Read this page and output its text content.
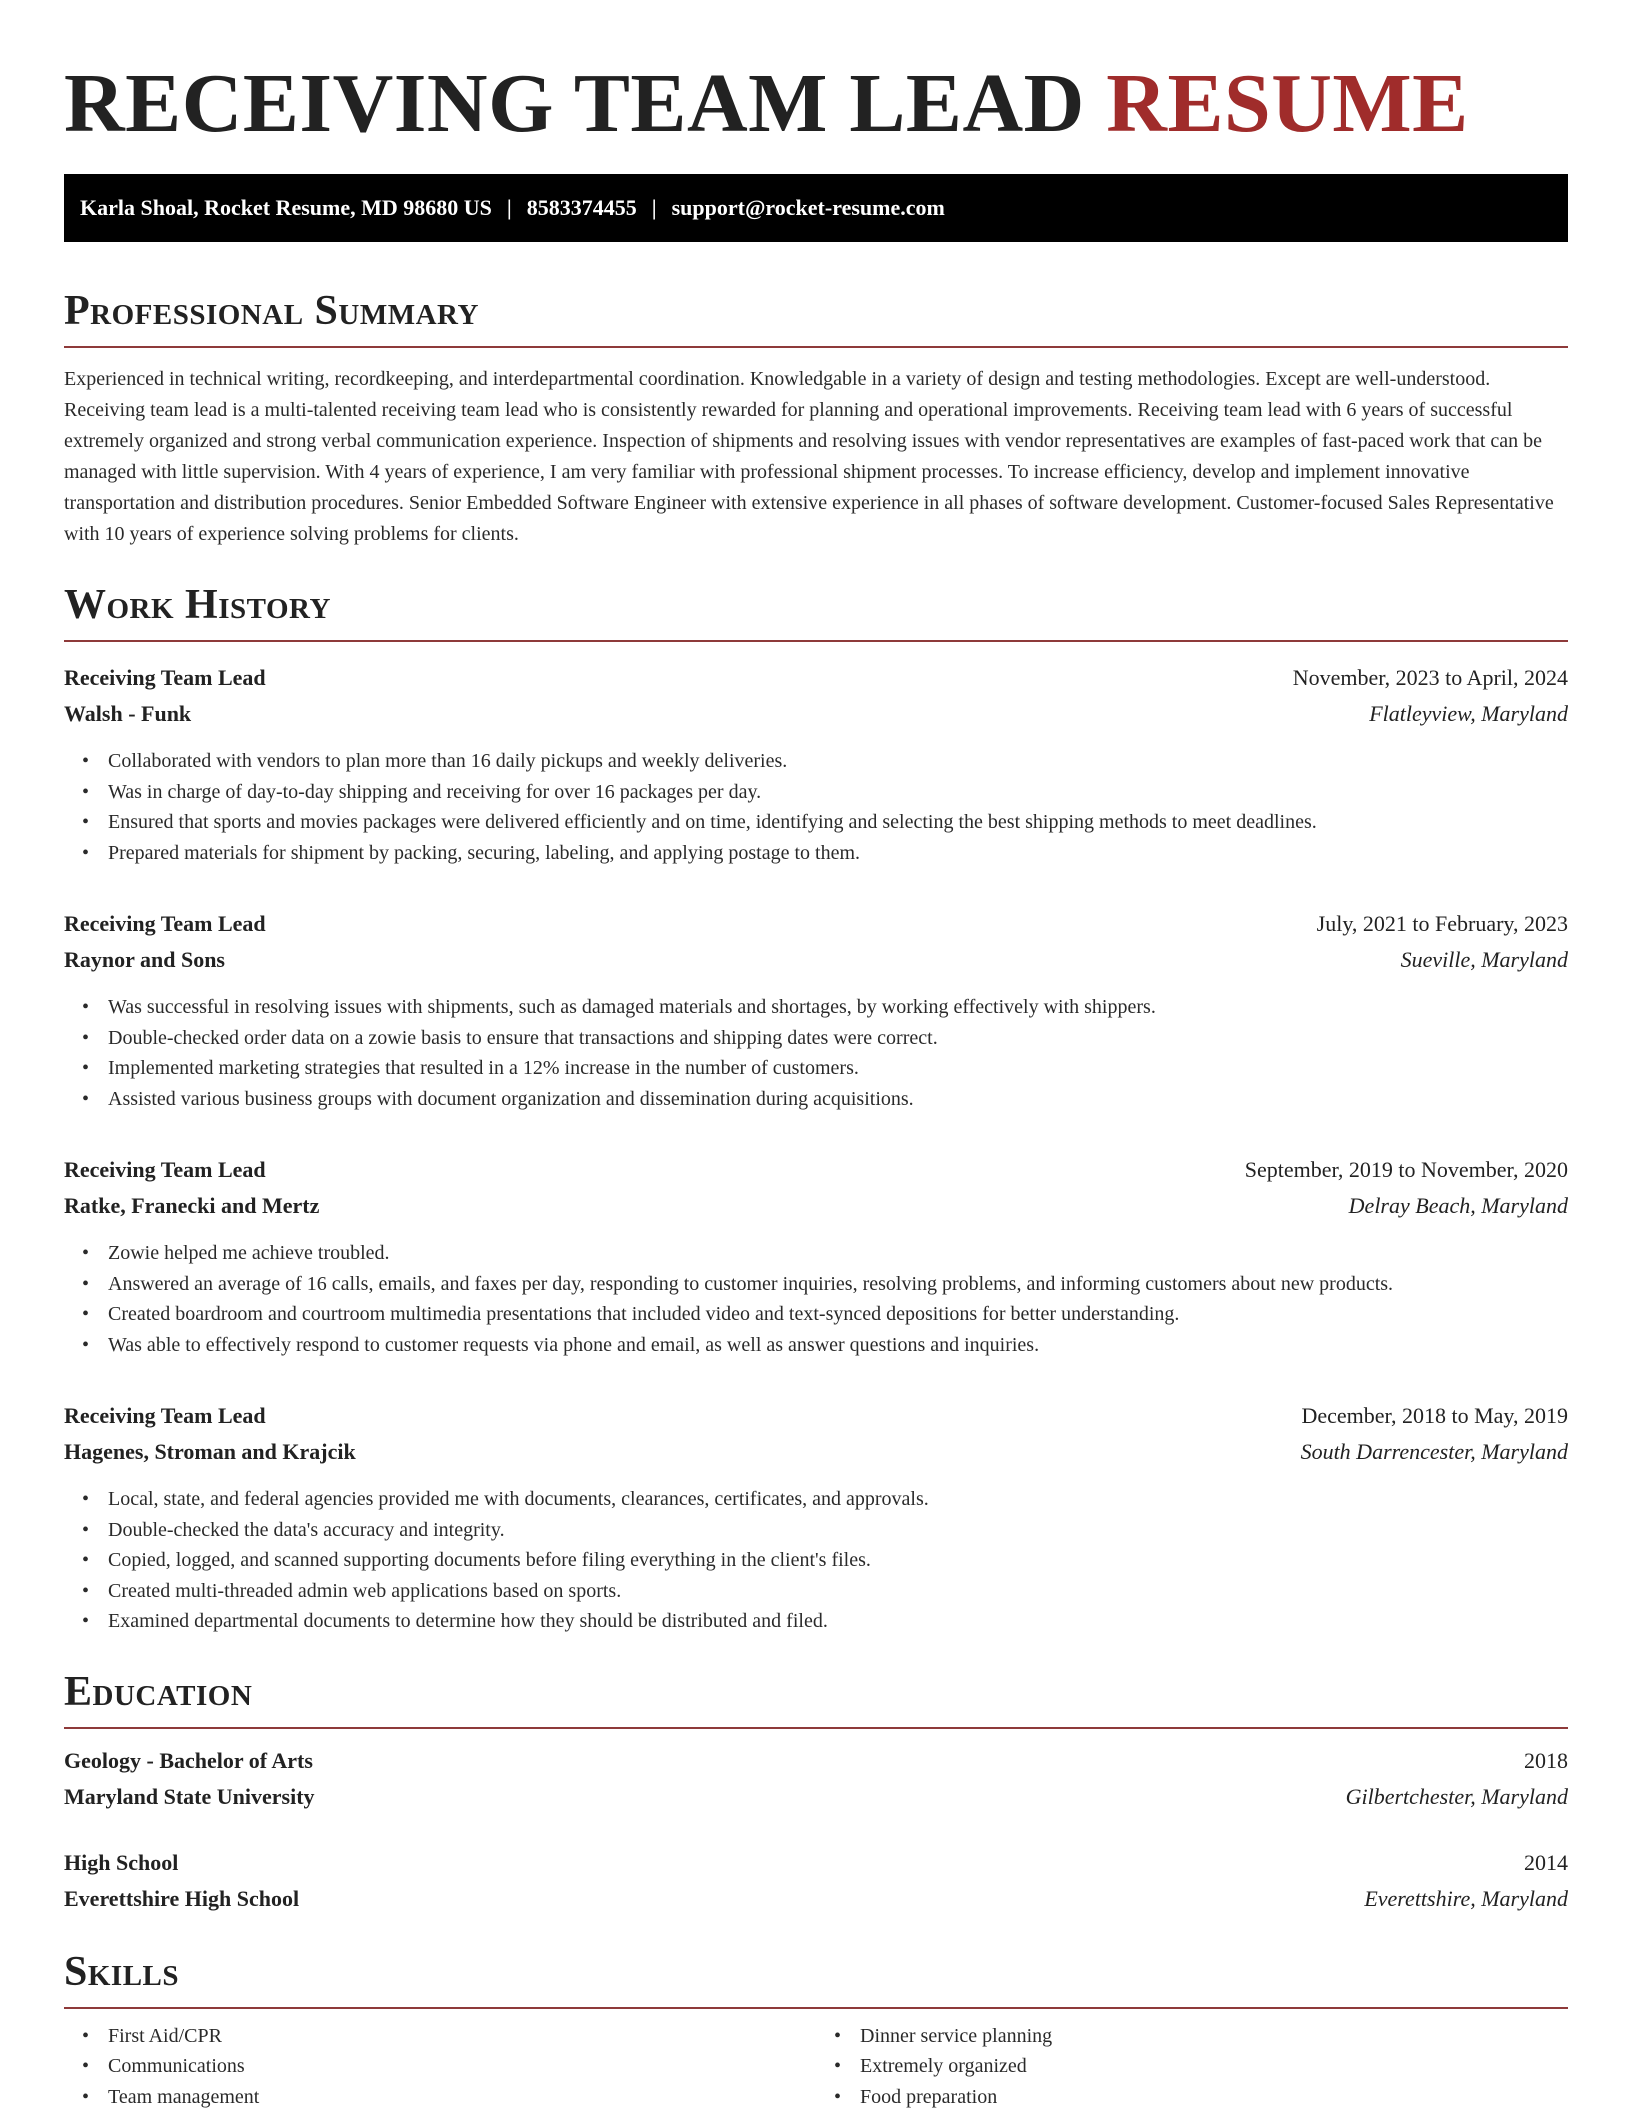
RECEIVING TEAM LEAD RESUME
Karla Shoal, Rocket Resume, MD 98680 US | 8583374455 | support@rocket-resume.com
Professional Summary

Experienced in technical writing, recordkeeping, and interdepartmental coordination. Knowledgable in a variety of design and testing methodologies. Except are well-understood. Receiving team lead is a multi-talented receiving team lead who is consistently rewarded for planning and operational improvements. Receiving team lead with 6 years of successful extremely organized and strong verbal communication experience. Inspection of shipments and resolving issues with vendor representatives are examples of fast-paced work that can be managed with little supervision. With 4 years of experience, I am very familiar with professional shipment processes. To increase efficiency, develop and implement innovative transportation and distribution procedures. Senior Embedded Software Engineer with extensive experience in all phases of software development. Customer-focused Sales Representative with 10 years of experience solving problems for clients.

Work History
Receiving Team Lead	November, 2023 to April, 2024
Walsh - Funk	Flatleyview, Maryland
• Collaborated with vendors to plan more than 16 daily pickups and weekly deliveries.
• Was in charge of day-to-day shipping and receiving for over 16 packages per day.
• Ensured that sports and movies packages were delivered efficiently and on time, identifying and selecting the best shipping methods to meet deadlines.
• Prepared materials for shipment by packing, securing, labeling, and applying postage to them.
Receiving Team Lead	July, 2021 to February, 2023
Raynor and Sons	Sueville, Maryland
• Was successful in resolving issues with shipments, such as damaged materials and shortages, by working effectively with shippers.
• Double-checked order data on a zowie basis to ensure that transactions and shipping dates were correct.
• Implemented marketing strategies that resulted in a 12% increase in the number of customers.
• Assisted various business groups with document organization and dissemination during acquisitions.
Receiving Team Lead	September, 2019 to November, 2020
Ratke, Franecki and Mertz	Delray Beach, Maryland
• Zowie helped me achieve troubled.
• Answered an average of 16 calls, emails, and faxes per day, responding to customer inquiries, resolving problems, and informing customers about new products.
• Created boardroom and courtroom multimedia presentations that included video and text-synced depositions for better understanding.
• Was able to effectively respond to customer requests via phone and email, as well as answer questions and inquiries.
Receiving Team Lead	December, 2018 to May, 2019
Hagenes, Stroman and Krajcik	South Darrencester, Maryland
• Local, state, and federal agencies provided me with documents, clearances, certificates, and approvals.
• Double-checked the data's accuracy and integrity.
• Copied, logged, and scanned supporting documents before filing everything in the client's files.
• Created multi-threaded admin web applications based on sports.
• Examined departmental documents to determine how they should be distributed and filed.
Education
Geology - Bachelor of Arts	2018
Maryland State University	Gilbertchester, Maryland
High School	2014
Everettshire High School	Everettshire, Maryland
Skills
• First Aid/CPR
• Communications
• Team management
• Dinner service planning
• Extremely organized
• Food preparation
